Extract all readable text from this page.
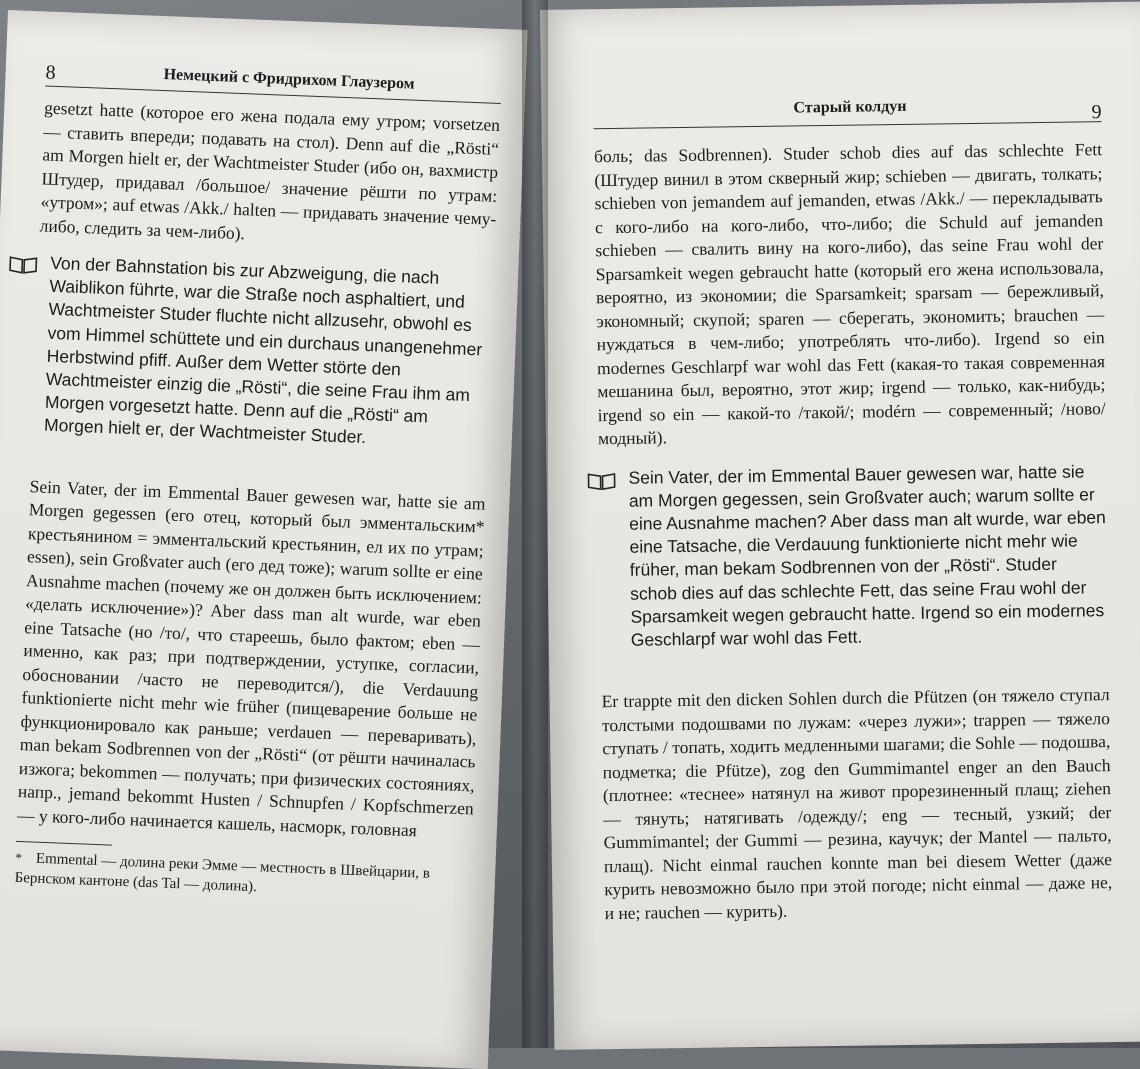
8	Немецкий с Фридрихом Глаузером

gesetzt hatte (которое его жена подала ему утром; vorsetzen — ставить впереди; подавать на стол). Denn auf die „Rösti“ am Morgen hielt er, der Wachtmeister Studer (ибо он, вахмистр Штудер, придавал /большое/ значение рёшти по утрам: «утром»; auf etwas /Akk./ halten — придавать значение чему-либо, следить за чем-либо).

Von der Bahnstation bis zur Abzweigung, die nach Waiblikon führte, war die Straße noch asphaltiert, und Wachtmeister Studer fluchte nicht allzusehr, obwohl es vom Himmel schüttete und ein durchaus unangenehmer Herbstwind pfiff. Außer dem Wetter störte den Wachtmeister einzig die „Rösti“, die seine Frau ihm am Morgen vorgesetzt hatte. Denn auf die „Rösti“ am Morgen hielt er, der Wachtmeister Studer.

Sein Vater, der im Emmental Bauer gewesen war, hatte sie am Morgen gegessen (его отец, который был эмментальским* крестьянином = эмментальский крестьянин, ел их по утрам; essen), sein Großvater auch (его дед тоже); warum sollte er eine Ausnahme machen (почему же он должен быть исключением: «делать исключение»)? Aber dass man alt wurde, war eben eine Tatsache (но /то/, что стареешь, было фактом; eben — именно, как раз; при подтверждении, уступке, согласии, обосновании /часто не переводится/), die Verdauung funktionierte nicht mehr wie früher (пищеварение больше не функционировало как раньше; verdauen — переваривать), man bekam Sodbrennen von der „Rösti“ (от рёшти начиналась изжога; bekommen — получать; при физических состояниях, напр., jemand bekommt Husten / Schnupfen / Kopfschmerzen — у кого-либо начинается кашель, насморк, головная

* Emmental — долина реки Эмме — местность в Швейцарии, в Бернском кантоне (das Tal — долина).

Старый колдун	9

боль; das Sodbrennen). Studer schob dies auf das schlechte Fett (Штудер винил в этом скверный жир; schieben — двигать, толкать; schieben von jemandem auf jemanden, etwas /Akk./ — перекладывать с кого-либо на кого-либо, что-либо; die Schuld auf jemanden schieben — свалить вину на кого-либо), das seine Frau wohl der Sparsamkeit wegen gebraucht hatte (который его жена использовала, вероятно, из экономии; die Sparsamkeit; sparsam — бережливый, экономный; скупой; sparen — сберегать, экономить; brauchen — нуждаться в чем-либо; употреблять что-либо). Irgend so ein modernes Geschlarpf war wohl das Fett (какая-то такая современная мешанина был, вероятно, этот жир; irgend — только, как-нибудь; irgend so ein — какой-то /такой/; modérn — современный; /ново/модный).

Sein Vater, der im Emmental Bauer gewesen war, hatte sie am Morgen gegessen, sein Großvater auch; warum sollte er eine Ausnahme machen? Aber dass man alt wurde, war eben eine Tatsache, die Verdauung funktionierte nicht mehr wie früher, man bekam Sodbrennen von der „Rösti“. Studer schob dies auf das schlechte Fett, das seine Frau wohl der Sparsamkeit wegen gebraucht hatte. Irgend so ein modernes Geschlarpf war wohl das Fett.

Er trappte mit den dicken Sohlen durch die Pfützen (он тяжело ступал толстыми подошвами по лужам: «через лужи»; trappen — тяжело ступать / топать, ходить медленными шагами; die Sohle — подошва, подметка; die Pfütze), zog den Gummimantel enger an den Bauch (плотнее: «теснее» натянул на живот прорезиненный плащ; ziehen — тянуть; натягивать /одежду/; eng — тесный, узкий; der Gummimantel; der Gummi — резина, каучук; der Mantel — пальто, плащ). Nicht einmal rauchen konnte man bei diesem Wetter (даже курить невозможно было при этой погоде; nicht einmal — даже не, и не; rauchen — курить).
